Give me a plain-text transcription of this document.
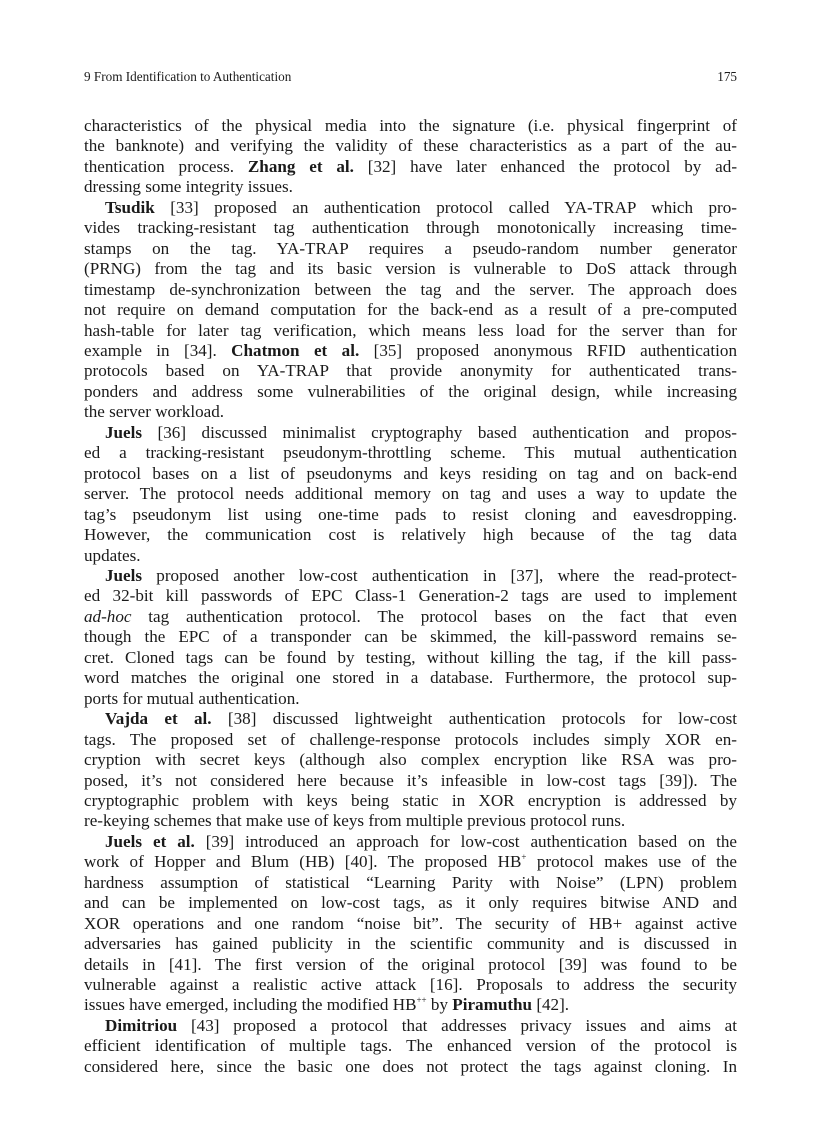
9 From Identification to Authentication	175
characteristics of the physical media into the signature (i.e. physical fingerprint of
the banknote) and verifying the validity of these characteristics as a part of the au-
thentication process. Zhang et al. [32] have later enhanced the protocol by ad-
dressing some integrity issues.
Tsudik [33] proposed an authentication protocol called YA-TRAP which pro-
vides tracking-resistant tag authentication through monotonically increasing time-
stamps on the tag. YA-TRAP requires a pseudo-random number generator
(PRNG) from the tag and its basic version is vulnerable to DoS attack through
timestamp de-synchronization between the tag and the server. The approach does
not require on demand computation for the back-end as a result of a pre-computed
hash-table for later tag verification, which means less load for the server than for
example in [34]. Chatmon et al. [35] proposed anonymous RFID authentication
protocols based on YA-TRAP that provide anonymity for authenticated trans-
ponders and address some vulnerabilities of the original design, while increasing
the server workload.
Juels [36] discussed minimalist cryptography based authentication and propos-
ed a tracking-resistant pseudonym-throttling scheme. This mutual authentication
protocol bases on a list of pseudonyms and keys residing on tag and on back-end
server. The protocol needs additional memory on tag and uses a way to update the
tag’s pseudonym list using one-time pads to resist cloning and eavesdropping.
However, the communication cost is relatively high because of the tag data
updates.
Juels proposed another low-cost authentication in [37], where the read-protect-
ed 32-bit kill passwords of EPC Class-1 Generation-2 tags are used to implement
ad-hoc tag authentication protocol. The protocol bases on the fact that even
though the EPC of a transponder can be skimmed, the kill-password remains se-
cret. Cloned tags can be found by testing, without killing the tag, if the kill pass-
word matches the original one stored in a database. Furthermore, the protocol sup-
ports for mutual authentication.
Vajda et al. [38] discussed lightweight authentication protocols for low-cost
tags. The proposed set of challenge-response protocols includes simply XOR en-
cryption with secret keys (although also complex encryption like RSA was pro-
posed, it’s not considered here because it’s infeasible in low-cost tags [39]). The
cryptographic problem with keys being static in XOR encryption is addressed by
re-keying schemes that make use of keys from multiple previous protocol runs.
Juels et al. [39] introduced an approach for low-cost authentication based on the
work of Hopper and Blum (HB) [40]. The proposed HB+ protocol makes use of the
hardness assumption of statistical “Learning Parity with Noise” (LPN) problem
and can be implemented on low-cost tags, as it only requires bitwise AND and
XOR operations and one random “noise bit”. The security of HB+ against active
adversaries has gained publicity in the scientific community and is discussed in
details in [41]. The first version of the original protocol [39] was found to be
vulnerable against a realistic active attack [16]. Proposals to address the security
issues have emerged, including the modified HB++ by Piramuthu [42].
Dimitriou [43] proposed a protocol that addresses privacy issues and aims at
efficient identification of multiple tags. The enhanced version of the protocol is
considered here, since the basic one does not protect the tags against cloning. In
